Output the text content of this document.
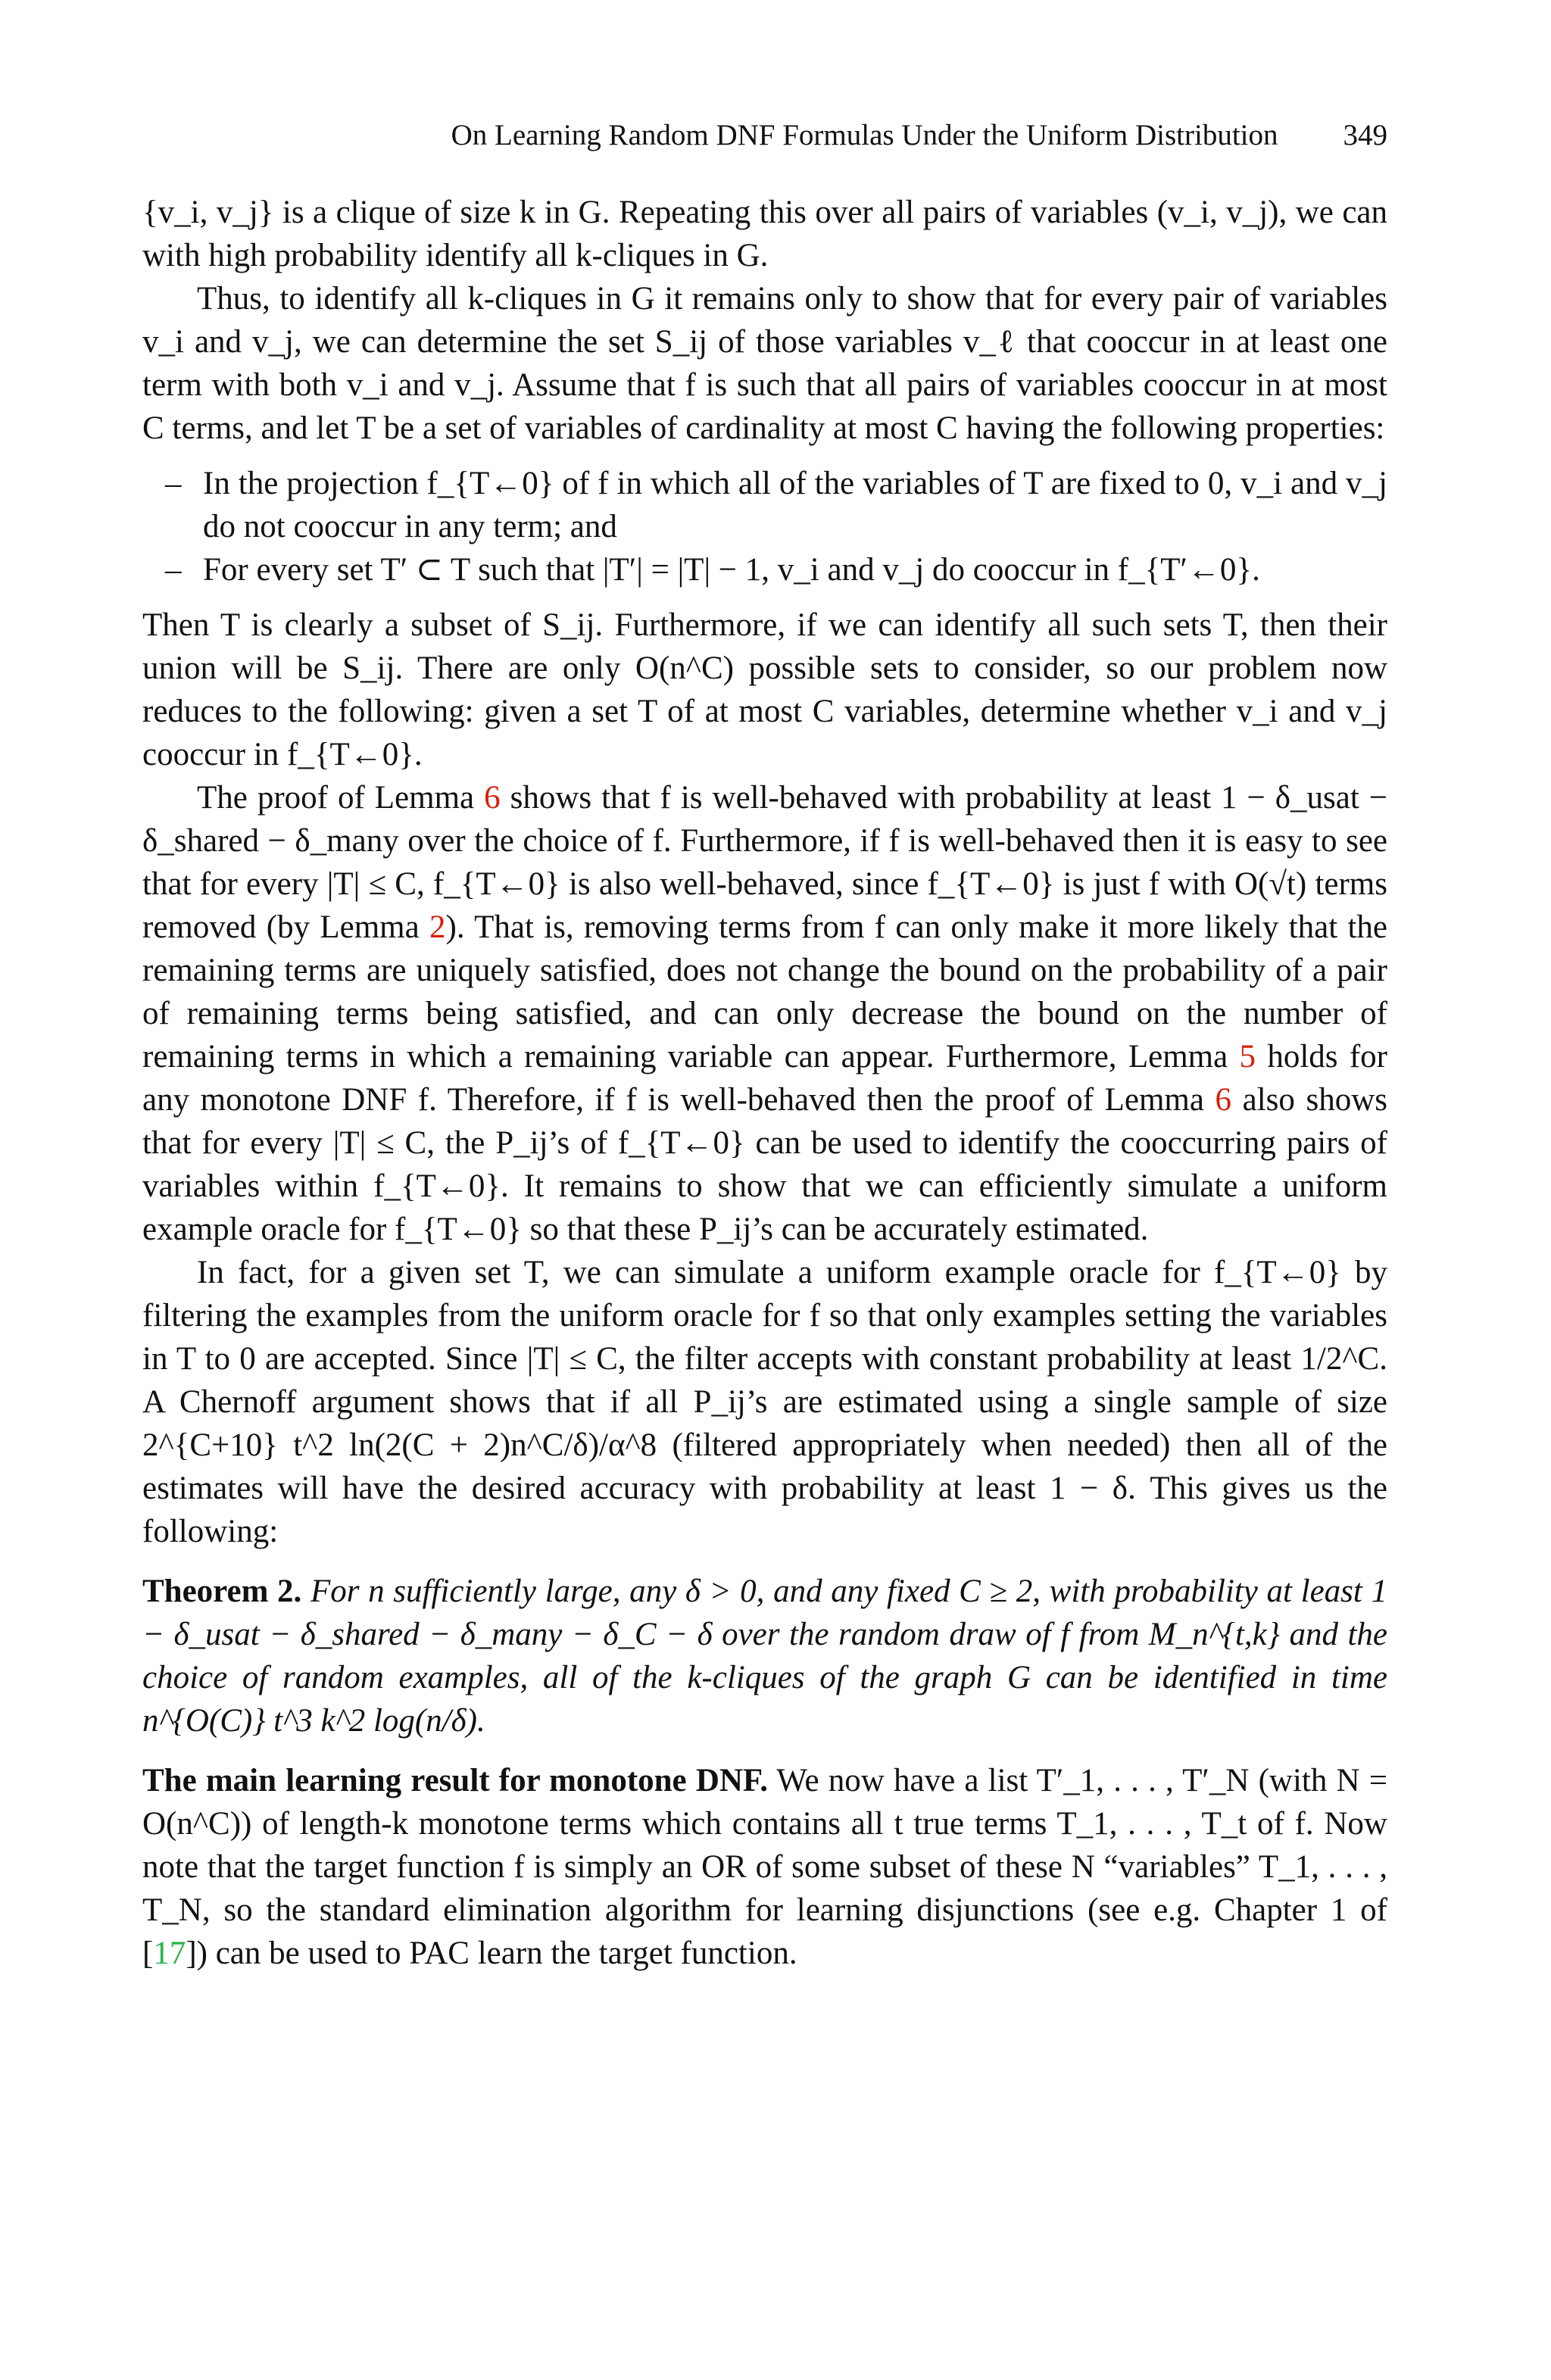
On Learning Random DNF Formulas Under the Uniform Distribution 349

{v_i, v_j} is a clique of size k in G. Repeating this over all pairs of variables (v_i, v_j), we can with high probability identify all k-cliques in G.

Thus, to identify all k-cliques in G it remains only to show that for every pair of variables v_i and v_j, we can determine the set S_ij of those variables v_ℓ that cooccur in at least one term with both v_i and v_j. Assume that f is such that all pairs of variables cooccur in at most C terms, and let T be a set of variables of cardinality at most C having the following properties:

– In the projection f_{T←0} of f in which all of the variables of T are fixed to 0, v_i and v_j do not cooccur in any term; and
– For every set T′ ⊂ T such that |T′| = |T| − 1, v_i and v_j do cooccur in f_{T′←0}.

Then T is clearly a subset of S_ij. Furthermore, if we can identify all such sets T, then their union will be S_ij. There are only O(n^C) possible sets to consider, so our problem now reduces to the following: given a set T of at most C variables, determine whether v_i and v_j cooccur in f_{T←0}.

The proof of Lemma 6 shows that f is well-behaved with probability at least 1 − δ_usat − δ_shared − δ_many over the choice of f. Furthermore, if f is well-behaved then it is easy to see that for every |T| ≤ C, f_{T←0} is also well-behaved, since f_{T←0} is just f with O(√t) terms removed (by Lemma 2). That is, removing terms from f can only make it more likely that the remaining terms are uniquely satisfied, does not change the bound on the probability of a pair of remaining terms being satisfied, and can only decrease the bound on the number of remaining terms in which a remaining variable can appear. Furthermore, Lemma 5 holds for any monotone DNF f. Therefore, if f is well-behaved then the proof of Lemma 6 also shows that for every |T| ≤ C, the P_ij’s of f_{T←0} can be used to identify the cooccurring pairs of variables within f_{T←0}. It remains to show that we can efficiently simulate a uniform example oracle for f_{T←0} so that these P_ij’s can be accurately estimated.

In fact, for a given set T, we can simulate a uniform example oracle for f_{T←0} by filtering the examples from the uniform oracle for f so that only examples setting the variables in T to 0 are accepted. Since |T| ≤ C, the filter accepts with constant probability at least 1/2^C. A Chernoff argument shows that if all P_ij’s are estimated using a single sample of size 2^{C+10} t^2 ln(2(C + 2)n^C/δ)/α^8 (filtered appropriately when needed) then all of the estimates will have the desired accuracy with probability at least 1 − δ. This gives us the following:

Theorem 2. For n sufficiently large, any δ > 0, and any fixed C ≥ 2, with probability at least 1 − δ_usat − δ_shared − δ_many − δ_C − δ over the random draw of f from M_n^{t,k} and the choice of random examples, all of the k-cliques of the graph G can be identified in time n^{O(C)} t^3 k^2 log(n/δ).

The main learning result for monotone DNF. We now have a list T′_1, . . . , T′_N (with N = O(n^C)) of length-k monotone terms which contains all t true terms T_1, . . . , T_t of f. Now note that the target function f is simply an OR of some subset of these N “variables” T_1, . . . , T_N, so the standard elimination algorithm for learning disjunctions (see e.g. Chapter 1 of [17]) can be used to PAC learn the target function.
